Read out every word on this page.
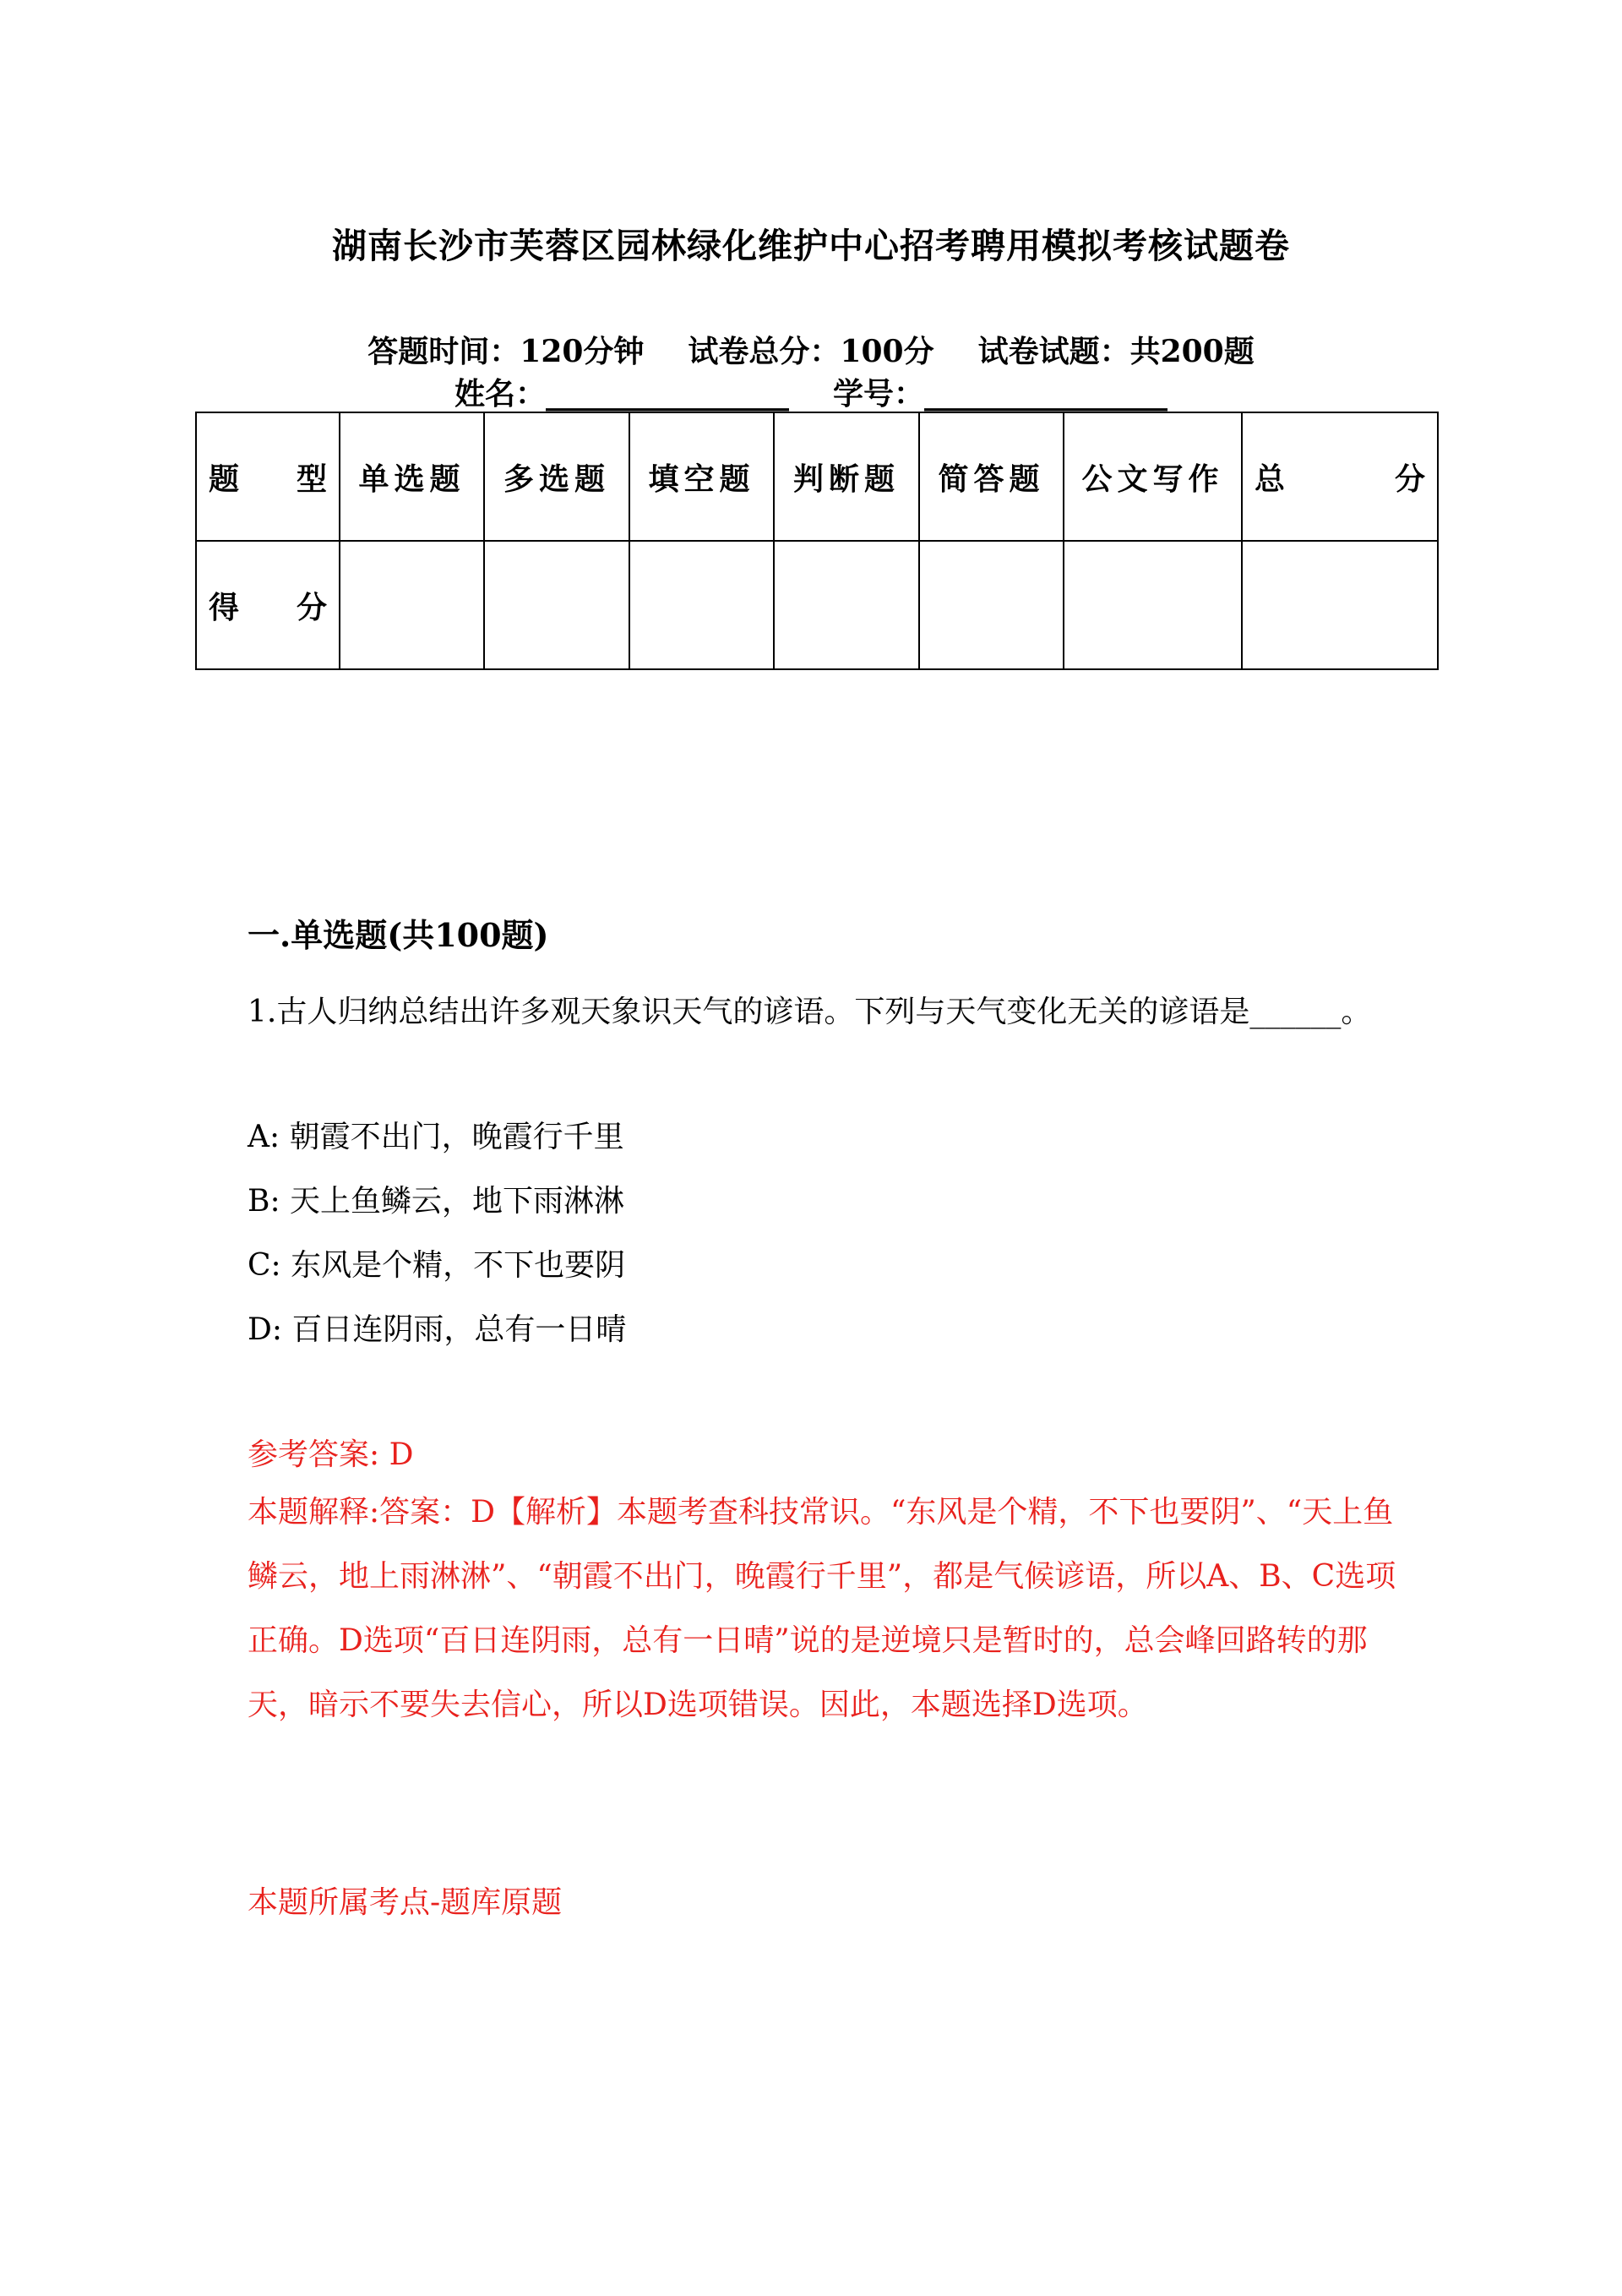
湖南长沙市芙蓉区园林绿化维护中心招考聘用模拟考核试题卷
答题时间：120分钟 试卷总分：100分 试卷试题：共200题
姓名：________________ 学号：________________
题 型	单选题	多选题	填空题	判断题	简答题	公文写作	总 分

得 分							

一.单选题(共100题)
1.古人归纳总结出许多观天象识天气的谚语。下列与天气变化无关的谚语是______。
A: 朝霞不出门，晚霞行千里
B: 天上鱼鳞云，地下雨淋淋
C: 东风是个精，不下也要阴
D: 百日连阴雨，总有一日晴
参考答案: D
本题解释:答案：D【解析】本题考查科技常识。“东风是个精，不下也要阴”、“天上鱼鳞云，地上雨淋淋”、“朝霞不出门，晚霞行千里”，都是气候谚语，所以A、B、C选项正确。D选项“百日连阴雨，总有一日晴”说的是逆境只是暂时的，总会峰回路转的那天，暗示不要失去信心，所以D选项错误。因此，本题选择D选项。
本题所属考点-题库原题
